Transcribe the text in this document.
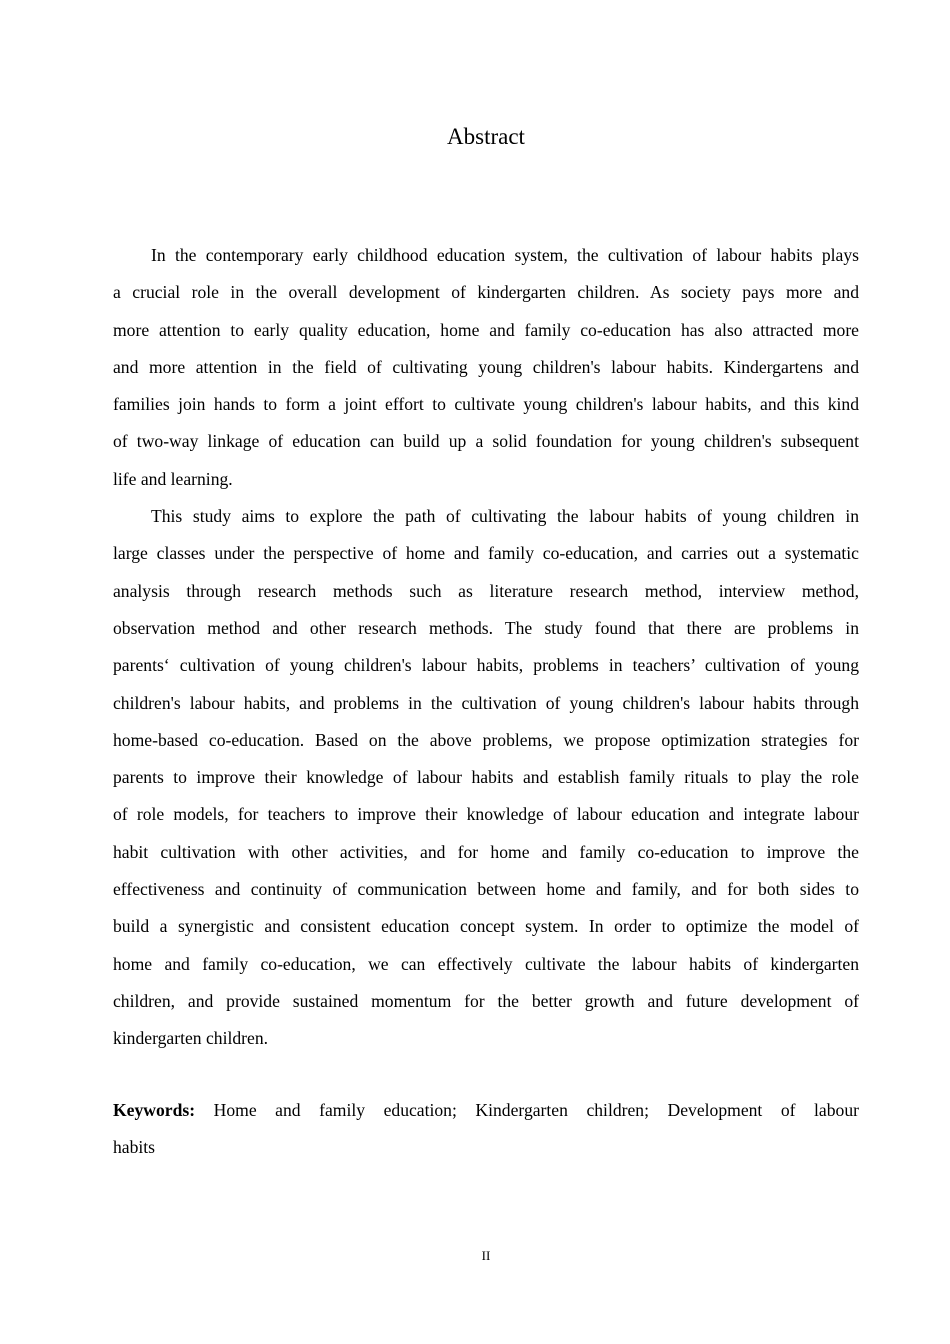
Abstract
In the contemporary early childhood education system, the cultivation of labour habits plays
a crucial role in the overall development of kindergarten children. As society pays more and
more attention to early quality education, home and family co-education has also attracted more
and more attention in the field of cultivating young children's labour habits. Kindergartens and
families join hands to form a joint effort to cultivate young children's labour habits, and this kind
of two-way linkage of education can build up a solid foundation for young children's subsequent
life and learning.
This study aims to explore the path of cultivating the labour habits of young children in
large classes under the perspective of home and family co-education, and carries out a systematic
analysis through research methods such as literature research method, interview method,
observation method and other research methods. The study found that there are problems in
parents‘ cultivation of young children's labour habits, problems in teachers’ cultivation of young
children's labour habits, and problems in the cultivation of young children's labour habits through
home-based co-education. Based on the above problems, we propose optimization strategies for
parents to improve their knowledge of labour habits and establish family rituals to play the role
of role models, for teachers to improve their knowledge of labour education and integrate labour
habit cultivation with other activities, and for home and family co-education to improve the
effectiveness and continuity of communication between home and family, and for both sides to
build a synergistic and consistent education concept system. In order to optimize the model of
home and family co-education, we can effectively cultivate the labour habits of kindergarten
children, and provide sustained momentum for the better growth and future development of
kindergarten children.
Keywords: Home and family education; Kindergarten children; Development of labour
habits
II
